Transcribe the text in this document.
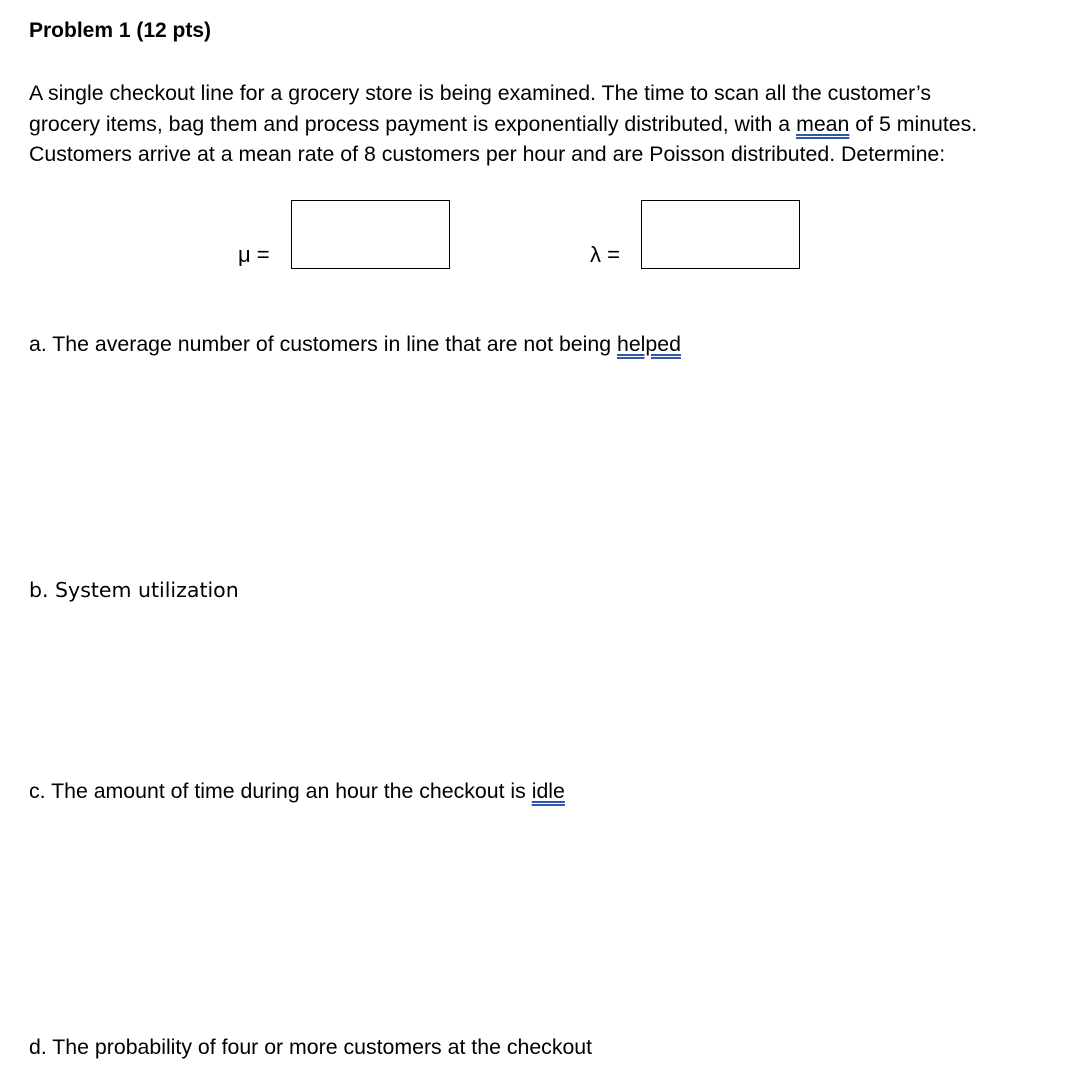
Problem 1 (12 pts)
A single checkout line for a grocery store is being examined. The time to scan all the customer’s
grocery items, bag them and process payment is exponentially distributed, with a mean of 5 minutes.
Customers arrive at a mean rate of 8 customers per hour and are Poisson distributed. Determine:
μ =	λ =
a. The average number of customers in line that are not being helped
b. System utilization
c. The amount of time during an hour the checkout is idle
d. The probability of four or more customers at the checkout
